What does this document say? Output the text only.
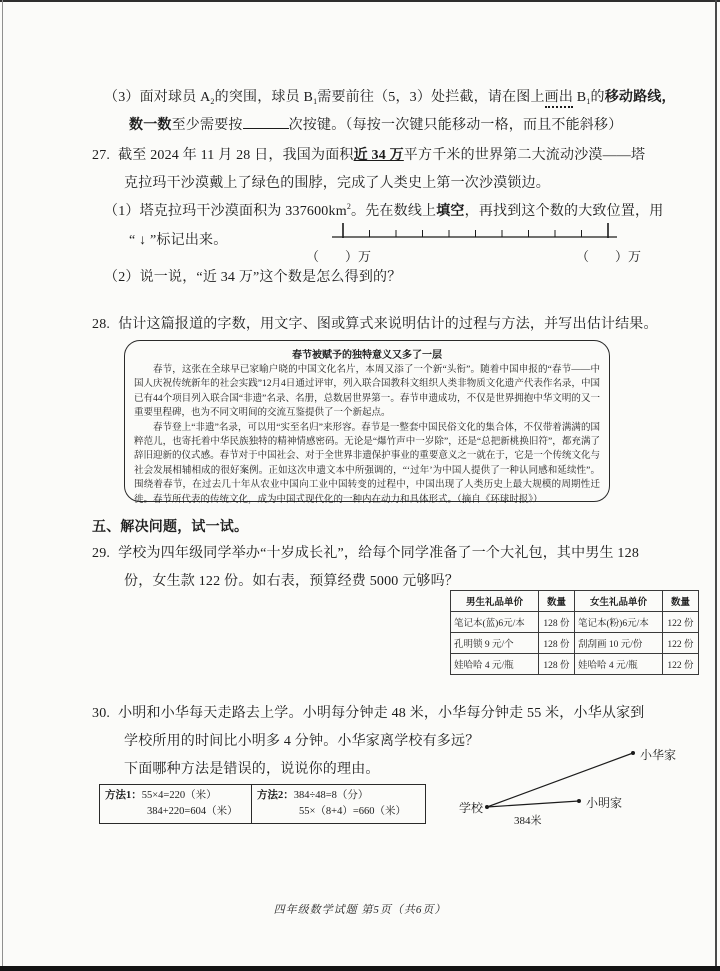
（3）面对球员 $A_2$的突围，球员 $B_1$需要前往（5，3）处拦截，请在图上画出 $B_1$的移动路线，
数一数至少需要按	次按键。（每按一次键只能移动一格，而且不能斜移）
27. 截至 2024 年 11 月 28 日，我国为面积近 34 万平方千米的世界第二大流动沙漠——塔
克拉玛干沙漠戴上了绿色的围脖，完成了人类史上第一次沙漠锁边。
（1）塔克拉玛干沙漠面积为 $337600km^2$。先在数线上填空，再找到这个数的大致位置，用
“ ↓ ”标记出来。
（　　）万	（　　）万
（2）说一说，“近 34 万”这个数是怎么得到的？
28. 估计这篇报道的字数，用文字、图或算式来说明估计的过程与方法，并写出估计结果。

春节被赋予的独特意义又多了一层

春节，这张在全球早已家喻户晓的中国文化名片，本周又添了一个新“头衔”。随着中国申报的“春节——中国人庆祝传统新年的社会实践”12月4日通过评审，列入联合国教科文组织人类非物质文化遗产代表作名录，中国已有44个项目列入联合国“非遗”名录、名册，总数居世界第一。春节申遗成功，不仅是世界拥抱中华文明的又一重要里程碑，也为不同文明间的交流互鉴提供了一个新起点。

春节登上“非遗”名录，可以用“实至名归”来形容。春节是一整套中国民俗文化的集合体，不仅带着满满的国粹范儿，也寄托着中华民族独特的精神情感密码。无论是“爆竹声中一岁除”，还是“总把新桃换旧符”，都充满了辞旧迎新的仪式感。春节对于中国社会、对于全世界非遗保护事业的重要意义之一就在于，它是一个传统文化与社会发展相辅相成的很好案例。正如这次申遗文本中所强调的，“‘过年’为中国人提供了一种认同感和延续性”。围绕着春节，在过去几十年从农业中国向工业中国转变的过程中，中国出现了人类历史上最大规模的周期性迁徙。春节所代表的传统文化，成为中国式现代化的一种内在动力和具体形式。（摘自《环球时报》）

五、解决问题，试一试。
29. 学校为四年级同学举办“十岁成长礼”，给每个同学准备了一个大礼包，其中男生 128
份，女生款 122 份。如右表，预算经费 5000 元够吗？
男生礼品单价	数量	女生礼品单价	数量
笔记本(蓝)6元/本	128 份	笔记本(粉)6元/本	122 份
孔明锁 9 元/个	128 份	刮刮画 10 元/份	122 份
娃哈哈 4 元/瓶	128 份	娃哈哈 4 元/瓶	122 份
30. 小明和小华每天走路去上学。小明每分钟走 48 米，小华每分钟走 55 米，小华从家到
学校所用的时间比小明多 4 分钟。小华家离学校有多远？
下面哪种方法是错误的，说说你的理由。
方法1：55×4=220（米）
384+220=604（米）
方法2：384÷48=8（分）
55×（8+4）=660（米）	学校
小华家
小明家
384米
四年级数学试题 第5页（共6页）
